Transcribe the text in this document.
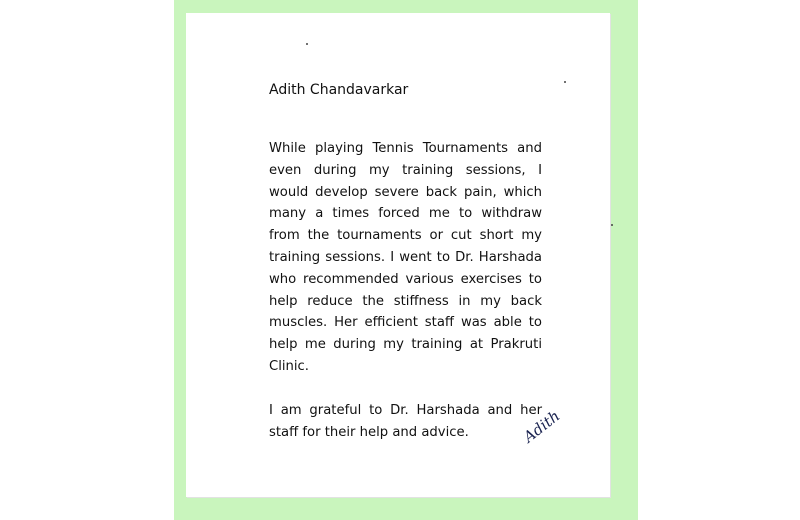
Adith Chandavarkar

While playing Tennis Tournaments and even during my training sessions, I would develop severe back pain, which many a times forced me to withdraw from the tournaments or cut short my training sessions. I went to Dr. Harshada who recommended various exercises to help reduce the stiffness in my back muscles. Her efficient staff was able to help me during my training at Prakruti Clinic.

I am grateful to Dr. Harshada and her staff for their help and advice.	Adith
